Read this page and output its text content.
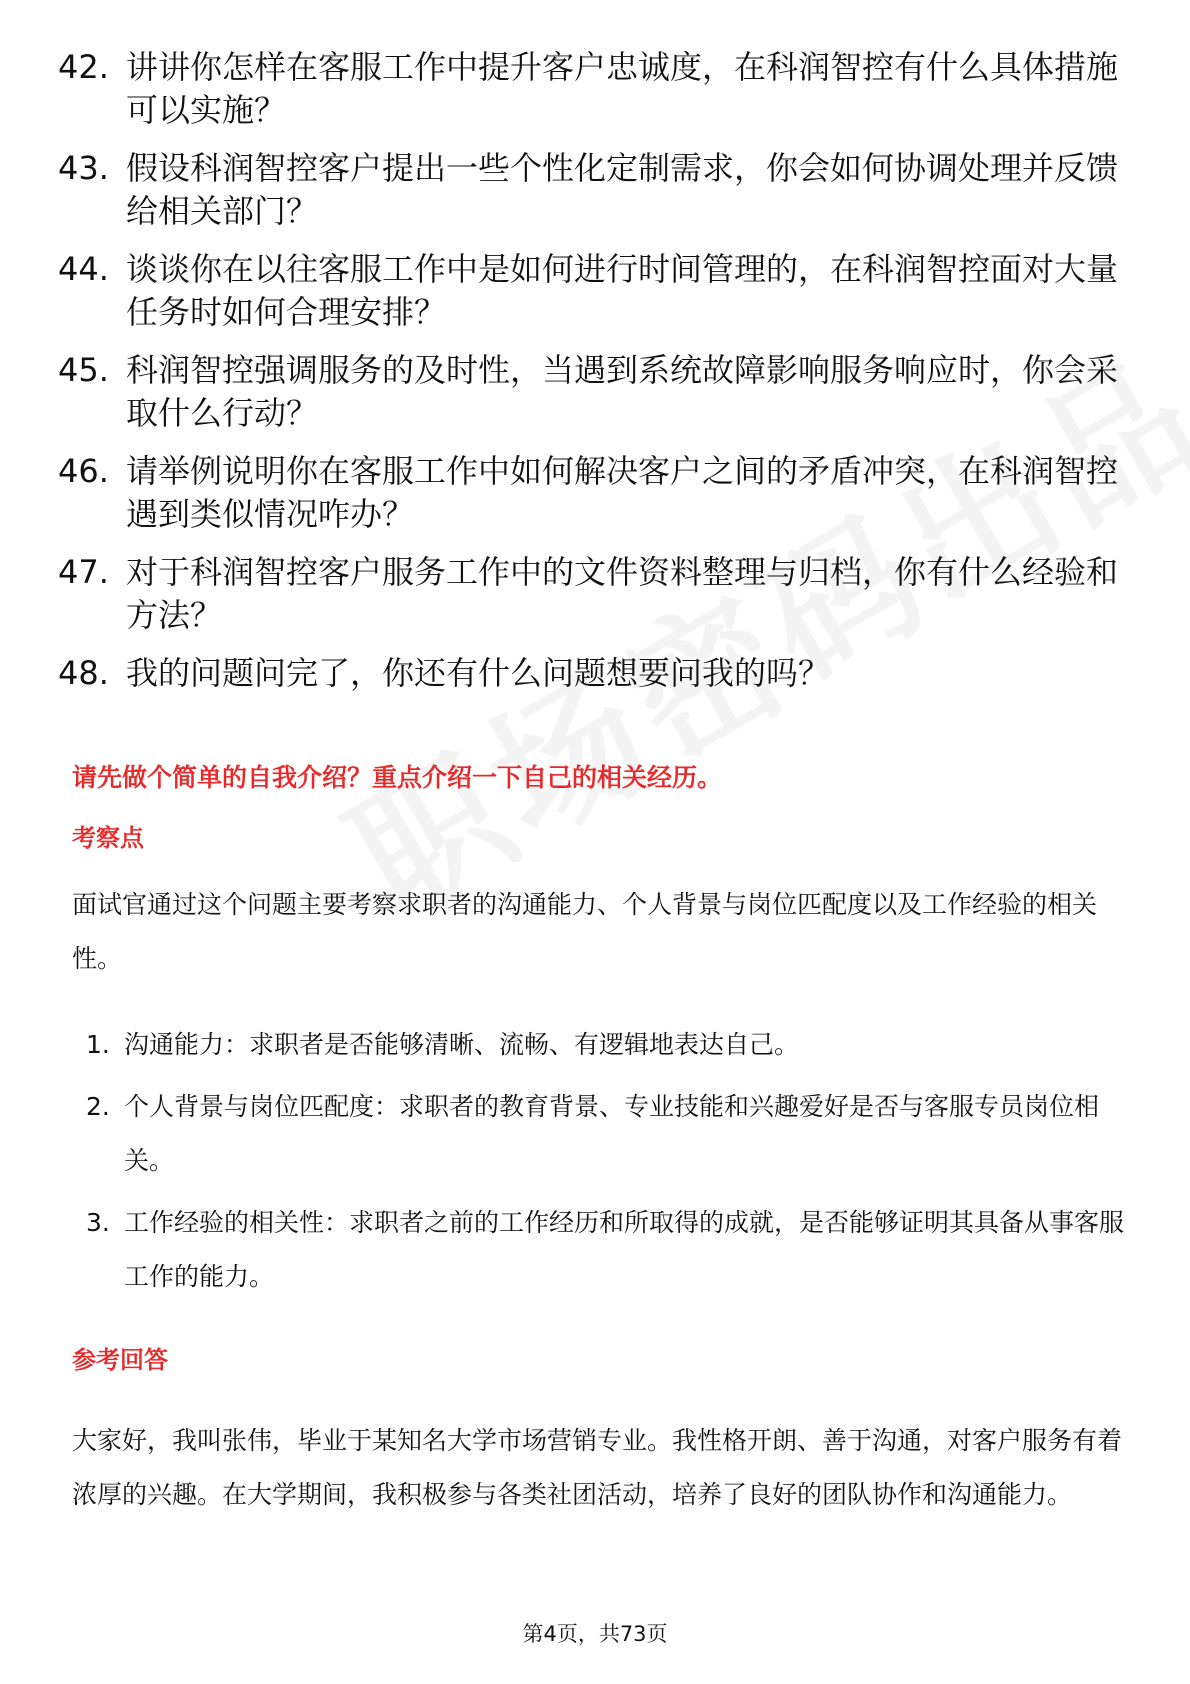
42. 讲讲你怎样在客服工作中提升客户忠诚度，在科润智控有什么具体措施可以实施？
43. 假设科润智控客户提出一些个性化定制需求，你会如何协调处理并反馈给相关部门？
44. 谈谈你在以往客服工作中是如何进行时间管理的，在科润智控面对大量任务时如何合理安排？
45. 科润智控强调服务的及时性，当遇到系统故障影响服务响应时，你会采取什么行动？
46. 请举例说明你在客服工作中如何解决客户之间的矛盾冲突，在科润智控遇到类似情况咋办？
47. 对于科润智控客户服务工作中的文件资料整理与归档，你有什么经验和方法？
48. 我的问题问完了，你还有什么问题想要问我的吗？
请先做个简单的自我介绍？重点介绍一下自己的相关经历。
考察点
面试官通过这个问题主要考察求职者的沟通能力、个人背景与岗位匹配度以及工作经验的相关性。
1. 沟通能力：求职者是否能够清晰、流畅、有逻辑地表达自己。
2. 个人背景与岗位匹配度：求职者的教育背景、专业技能和兴趣爱好是否与客服专员岗位相关。
3. 工作经验的相关性：求职者之前的工作经历和所取得的成就，是否能够证明其具备从事客服工作的能力。
参考回答
大家好，我叫张伟，毕业于某知名大学市场营销专业。我性格开朗、善于沟通，对客户服务有着浓厚的兴趣。在大学期间，我积极参与各类社团活动，培养了良好的团队协作和沟通能力。
第4页，共73页
